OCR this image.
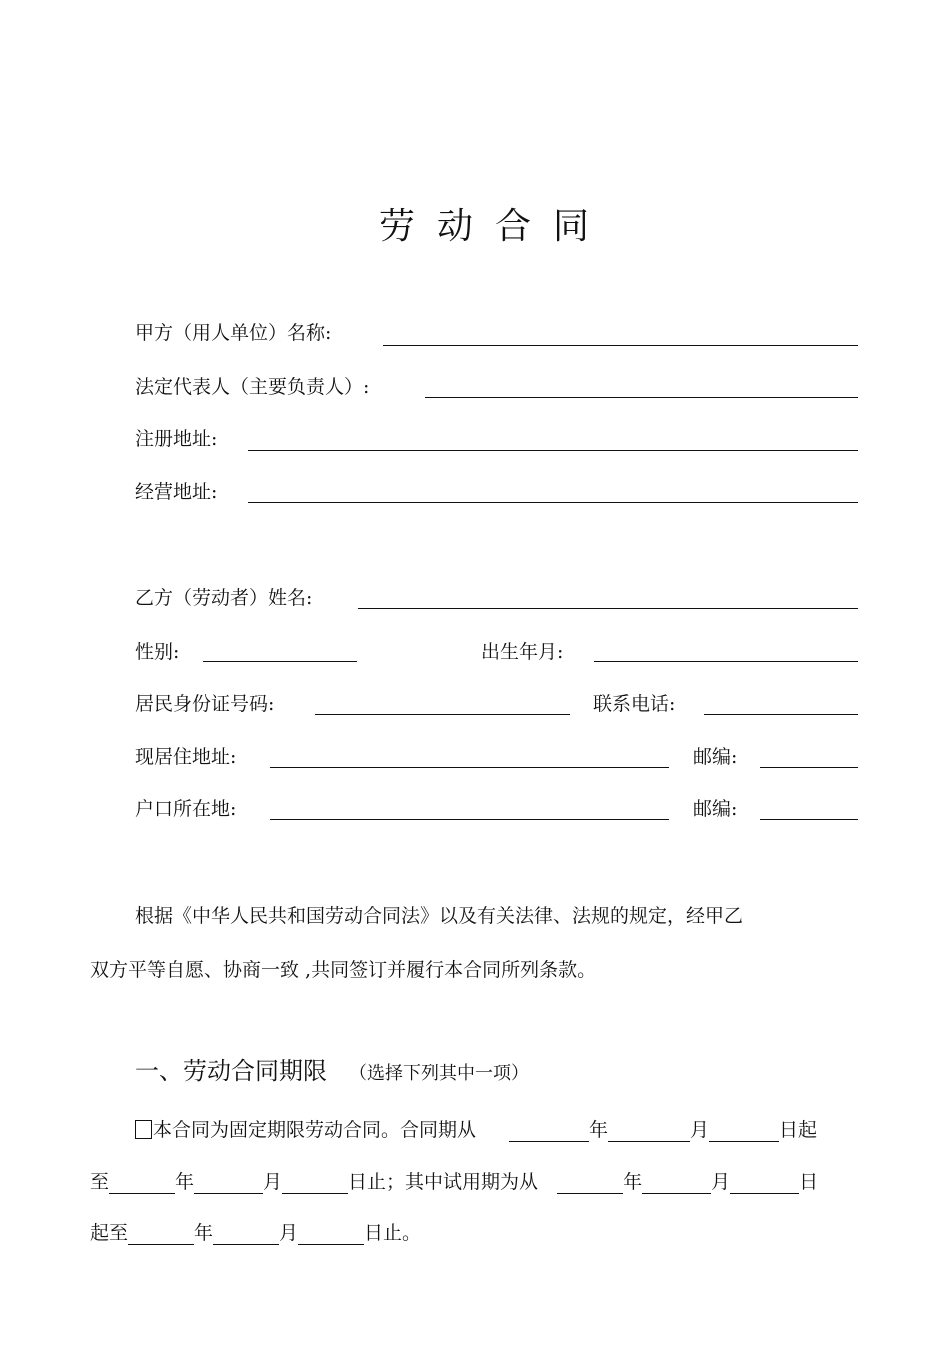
劳动合同
甲方（用人单位）名称:
法定代表人（主要负责人）:
注册地址:
经营地址:
乙方（劳动者）姓名:
性别:	出生年月:
居民身份证号码:	联系电话:
现居住地址:	邮编:
户口所在地:	邮编:
根据《中华人民共和国劳动合同法》以及有关法律、法规的规定，经甲乙
双方平等自愿、协商一致 ,共同签订并履行本合同所列条款。
一、劳动合同期限 （选择下列其中一项）
本合同为固定期限劳动合同。合同期从	年	月	日起
至	年	月	日止；其中试用期为从	年	月	日
起至	年	月	日止。
